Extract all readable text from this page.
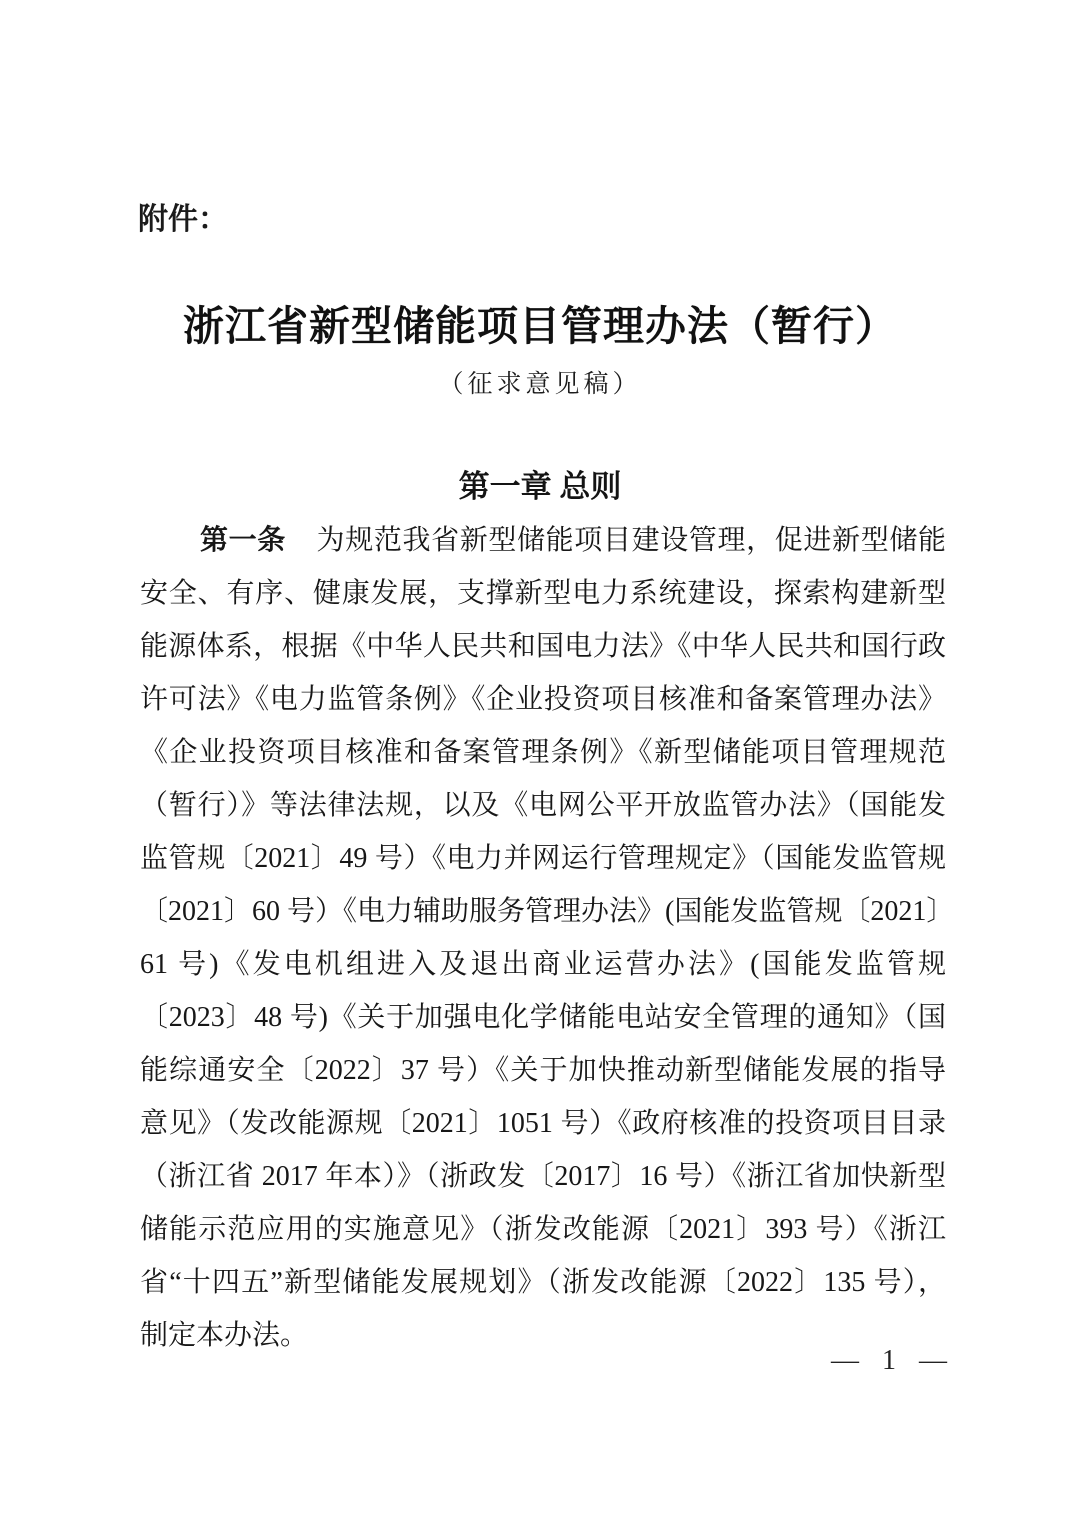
附件：
浙江省新型储能项目管理办法（暂行）
（征求意见稿）
第一章 总则
第一条 为规范我省新型储能项目建设管理，促进新型储能
安全、有序、健康发展，支撑新型电力系统建设，探索构建新型
能源体系，根据《中华人民共和国电力法》《中华人民共和国行政
许可法》《电力监管条例》《企业投资项目核准和备案管理办法》
《企业投资项目核准和备案管理条例》《新型储能项目管理规范
（暂行）》等法律法规，以及《电网公平开放监管办法》（国能发
监管规〔2021〕49 号）《电力并网运行管理规定》（国能发监管规
〔2021〕60 号）《电力辅助服务管理办法》(国能发监管规〔2021〕
61 号)《发电机组进入及退出商业运营办法》(国能发监管规
〔2023〕48 号)《关于加强电化学储能电站安全管理的通知》（国
能综通安全〔2022〕37 号）《关于加快推动新型储能发展的指导
意见》（发改能源规〔2021〕1051 号）《政府核准的投资项目目录
（浙江省 2017 年本）》（浙政发〔2017〕16 号）《浙江省加快新型
储能示范应用的实施意见》（浙发改能源〔2021〕393 号）《浙江
省“十四五”新型储能发展规划》（浙发改能源〔2022〕135 号），
制定本办法。
— 1 —
